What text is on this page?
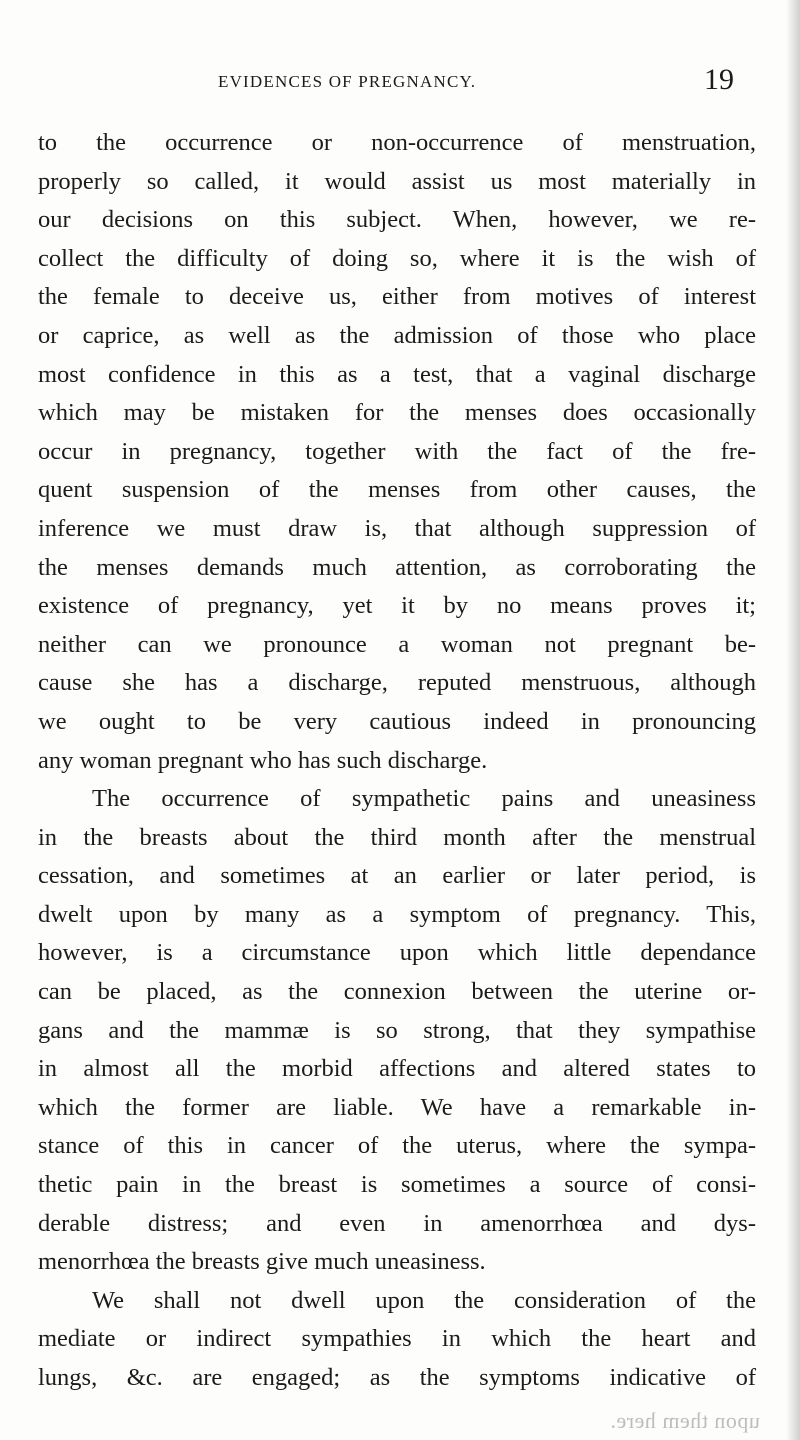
EVIDENCES OF PREGNANCY.	19
to the occurrence or non-occurrence of menstruation,
properly so called, it would assist us most materially in
our decisions on this subject. When, however, we re-
collect the difficulty of doing so, where it is the wish of
the female to deceive us, either from motives of interest
or caprice, as well as the admission of those who place
most confidence in this as a test, that a vaginal discharge
which may be mistaken for the menses does occasionally
occur in pregnancy, together with the fact of the fre-
quent suspension of the menses from other causes, the
inference we must draw is, that although suppression of
the menses demands much attention, as corroborating the
existence of pregnancy, yet it by no means proves it;
neither can we pronounce a woman not pregnant be-
cause she has a discharge, reputed menstruous, although
we ought to be very cautious indeed in pronouncing
any woman pregnant who has such discharge.
The occurrence of sympathetic pains and uneasiness
in the breasts about the third month after the menstrual
cessation, and sometimes at an earlier or later period, is
dwelt upon by many as a symptom of pregnancy. This,
however, is a circumstance upon which little dependance
can be placed, as the connexion between the uterine or-
gans and the mammæ is so strong, that they sympathise
in almost all the morbid affections and altered states to
which the former are liable. We have a remarkable in-
stance of this in cancer of the uterus, where the sympa-
thetic pain in the breast is sometimes a source of consi-
derable distress; and even in amenorrhœa and dys-
menorrhœa the breasts give much uneasiness.
We shall not dwell upon the consideration of the
mediate or indirect sympathies in which the heart and
lungs, &c. are engaged; as the symptoms indicative of
upon them here.
